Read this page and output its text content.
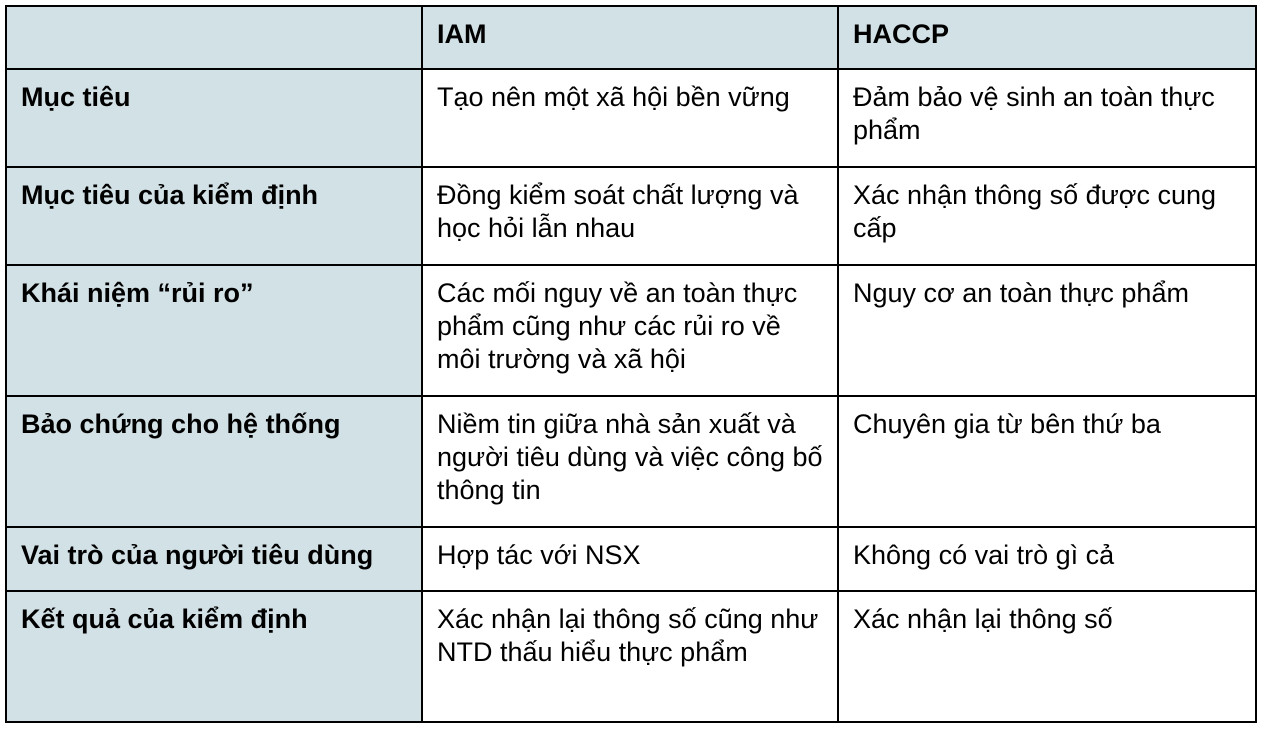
	IAM	HACCP
Mục tiêu	Tạo nên một xã hội bền vững	Đảm bảo vệ sinh an toàn thực phẩm
Mục tiêu của kiểm định	Đồng kiểm soát chất lượng và học hỏi lẫn nhau	Xác nhận thông số được cung cấp
Khái niệm “rủi ro”	Các mối nguy về an toàn thực phẩm cũng như các rủi ro về môi trường và xã hội	Nguy cơ an toàn thực phẩm
Bảo chứng cho hệ thống	Niềm tin giữa nhà sản xuất và người tiêu dùng và việc công bố thông tin	Chuyên gia từ bên thứ ba
Vai trò của người tiêu dùng	Hợp tác với NSX	Không có vai trò gì cả
Kết quả của kiểm định	Xác nhận lại thông số cũng như NTD thấu hiểu thực phẩm	Xác nhận lại thông số
